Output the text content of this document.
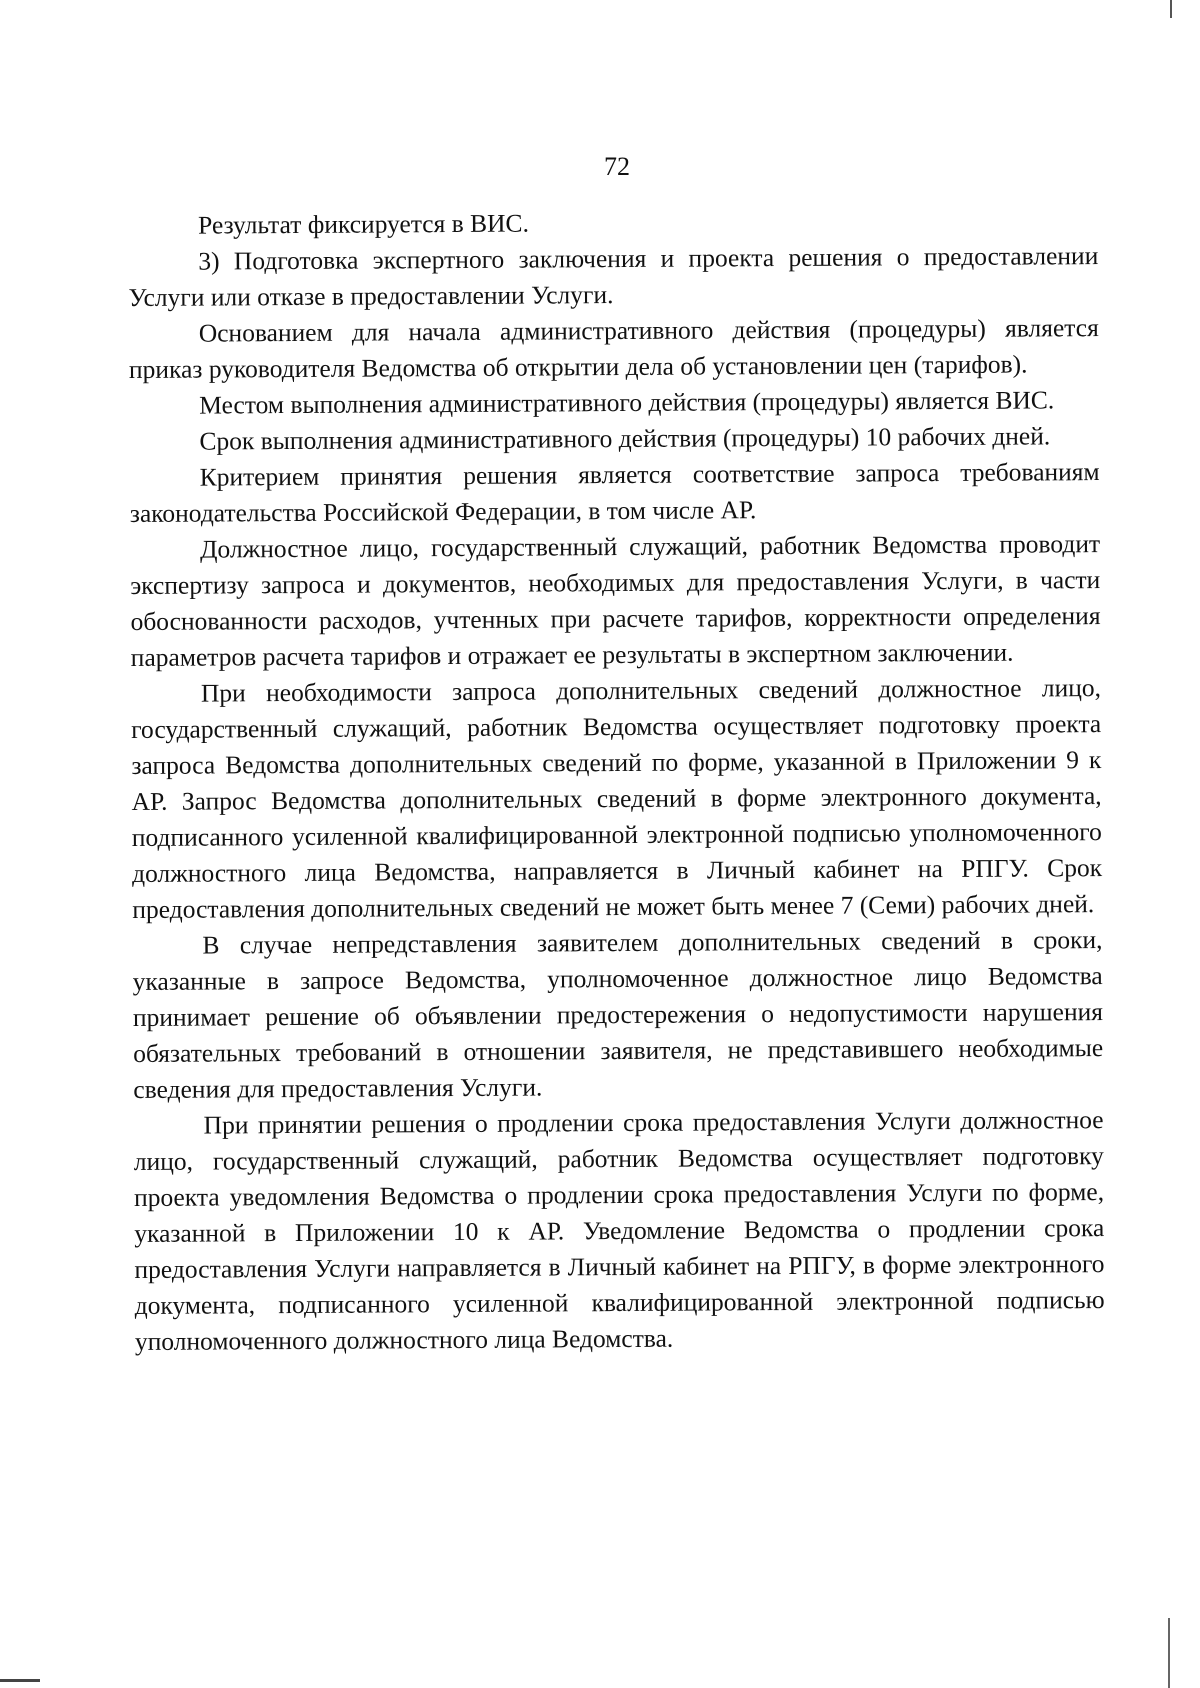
72

Результат фиксируется в ВИС.

3) Подготовка экспертного заключения и проекта решения о предоставлении Услуги или отказе в предоставлении Услуги.

Основанием для начала административного действия (процедуры) является приказ руководителя Ведомства об открытии дела об установлении цен (тарифов).

Местом выполнения административного действия (процедуры) является ВИС.

Срок выполнения административного действия (процедуры) 10 рабочих дней.

Критерием принятия решения является соответствие запроса требованиям законодательства Российской Федерации, в том числе АР.

Должностное лицо, государственный служащий, работник Ведомства проводит экспертизу запроса и документов, необходимых для предоставления Услуги, в части обоснованности расходов, учтенных при расчете тарифов, корректности определения параметров расчета тарифов и отражает ее результаты в экспертном заключении.

При необходимости запроса дополнительных сведений должностное лицо, государственный служащий, работник Ведомства осуществляет подготовку проекта запроса Ведомства дополнительных сведений по форме, указанной в Приложении 9 к АР. Запрос Ведомства дополнительных сведений в форме электронного документа, подписанного усиленной квалифицированной электронной подписью уполномоченного должностного лица Ведомства, направляется в Личный кабинет на РПГУ. Срок предоставления дополнительных сведений не может быть менее 7 (Семи) рабочих дней.

В случае непредставления заявителем дополнительных сведений в сроки, указанные в запросе Ведомства, уполномоченное должностное лицо Ведомства принимает решение об объявлении предостережения о недопустимости нарушения обязательных требований в отношении заявителя, не представившего необходимые сведения для предоставления Услуги.

При принятии решения о продлении срока предоставления Услуги должностное лицо, государственный служащий, работник Ведомства осуществляет подготовку проекта уведомления Ведомства о продлении срока предоставления Услуги по форме, указанной в Приложении 10 к АР. Уведомление Ведомства о продлении срока предоставления Услуги направляется в Личный кабинет на РПГУ, в форме электронного документа, подписанного усиленной квалифицированной электронной подписью уполномоченного должностного лица Ведомства.
